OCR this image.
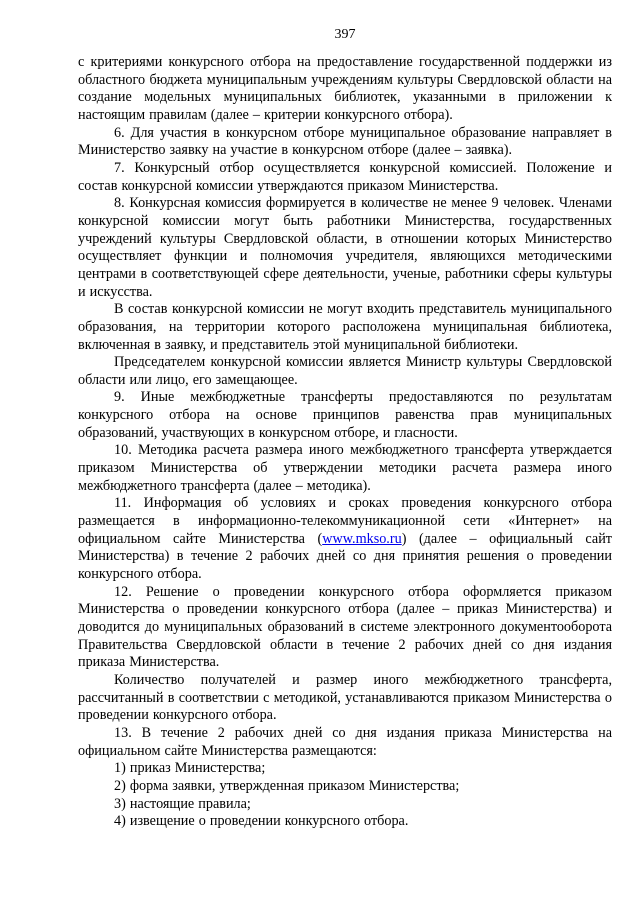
397

с критериями конкурсного отбора на предоставление государственной поддержки из областного бюджета муниципальным учреждениям культуры Свердловской области на создание модельных муниципальных библиотек, указанными в приложении к настоящим правилам (далее – критерии конкурсного отбора).

6. Для участия в конкурсном отборе муниципальное образование направляет в Министерство заявку на участие в конкурсном отборе (далее – заявка).

7. Конкурсный отбор осуществляется конкурсной комиссией. Положение и состав конкурсной комиссии утверждаются приказом Министерства.

8. Конкурсная комиссия формируется в количестве не менее 9 человек. Членами конкурсной комиссии могут быть работники Министерства, государственных учреждений культуры Свердловской области, в отношении которых Министерство осуществляет функции и полномочия учредителя, являющихся методическими центрами в соответствующей сфере деятельности, ученые, работники сферы культуры и искусства.

В состав конкурсной комиссии не могут входить представитель муниципального образования, на территории которого расположена муниципальная библиотека, включенная в заявку, и представитель этой муниципальной библиотеки.

Председателем конкурсной комиссии является Министр культуры Свердловской области или лицо, его замещающее.

9. Иные межбюджетные трансферты предоставляются по результатам конкурсного отбора на основе принципов равенства прав муниципальных образований, участвующих в конкурсном отборе, и гласности.

10. Методика расчета размера иного межбюджетного трансферта утверждается приказом Министерства об утверждении методики расчета размера иного межбюджетного трансферта (далее – методика).

11. Информация об условиях и сроках проведения конкурсного отбора размещается в информационно-телекоммуникационной сети «Интернет» на официальном сайте Министерства (www.mkso.ru) (далее – официальный сайт Министерства) в течение 2 рабочих дней со дня принятия решения о проведении конкурсного отбора.

12. Решение о проведении конкурсного отбора оформляется приказом Министерства о проведении конкурсного отбора (далее – приказ Министерства) и доводится до муниципальных образований в системе электронного документооборота Правительства Свердловской области в течение 2 рабочих дней со дня издания приказа Министерства.

Количество получателей и размер иного межбюджетного трансферта, рассчитанный в соответствии с методикой, устанавливаются приказом Министерства о проведении конкурсного отбора.

13. В течение 2 рабочих дней со дня издания приказа Министерства на официальном сайте Министерства размещаются:

1) приказ Министерства;

2) форма заявки, утвержденная приказом Министерства;

3) настоящие правила;

4) извещение о проведении конкурсного отбора.
